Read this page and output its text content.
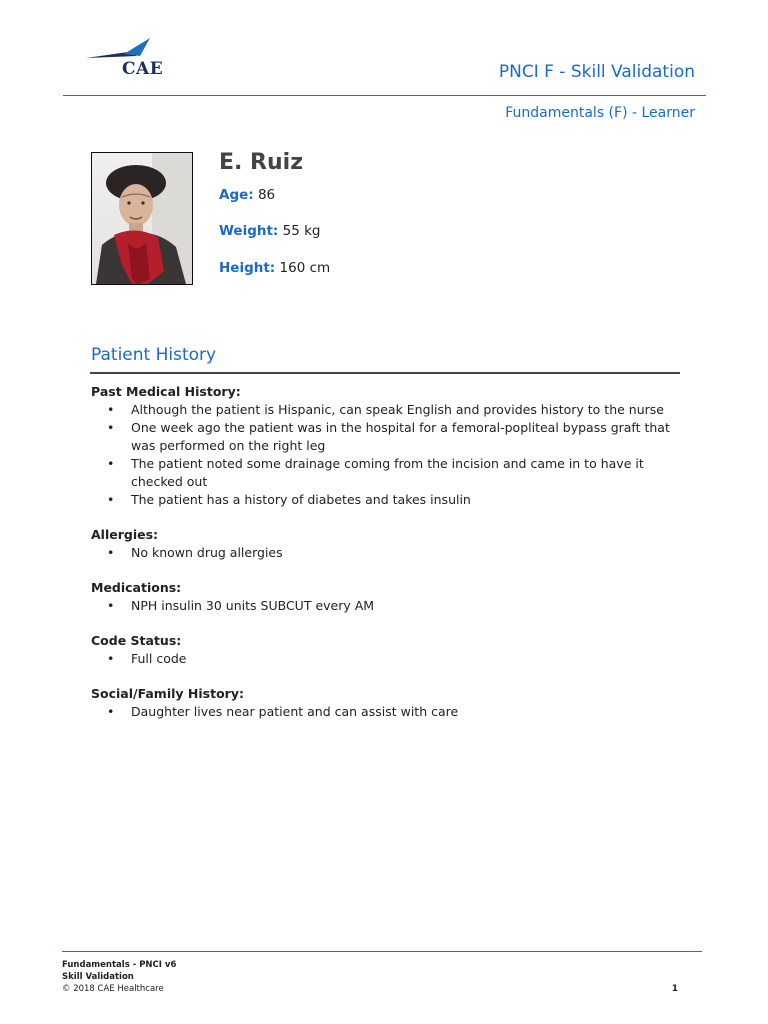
CAE	PNCI F - Skill Validation
Fundamentals (F) - Learner
E. Ruiz
Age: 86
Weight: 55 kg
Height: 160 cm
Patient History
Past Medical History:
• Although the patient is Hispanic, can speak English and provides history to the nurse
• One week ago the patient was in the hospital for a femoral-popliteal bypass graft that was performed on the right leg
• The patient noted some drainage coming from the incision and came in to have it checked out
• The patient has a history of diabetes and takes insulin
Allergies:
• No known drug allergies
Medications:
• NPH insulin 30 units SUBCUT every AM
Code Status:
• Full code
Social/Family History:
• Daughter lives near patient and can assist with care
Fundamentals - PNCI v6
Skill Validation
© 2018 CAE Healthcare	1
